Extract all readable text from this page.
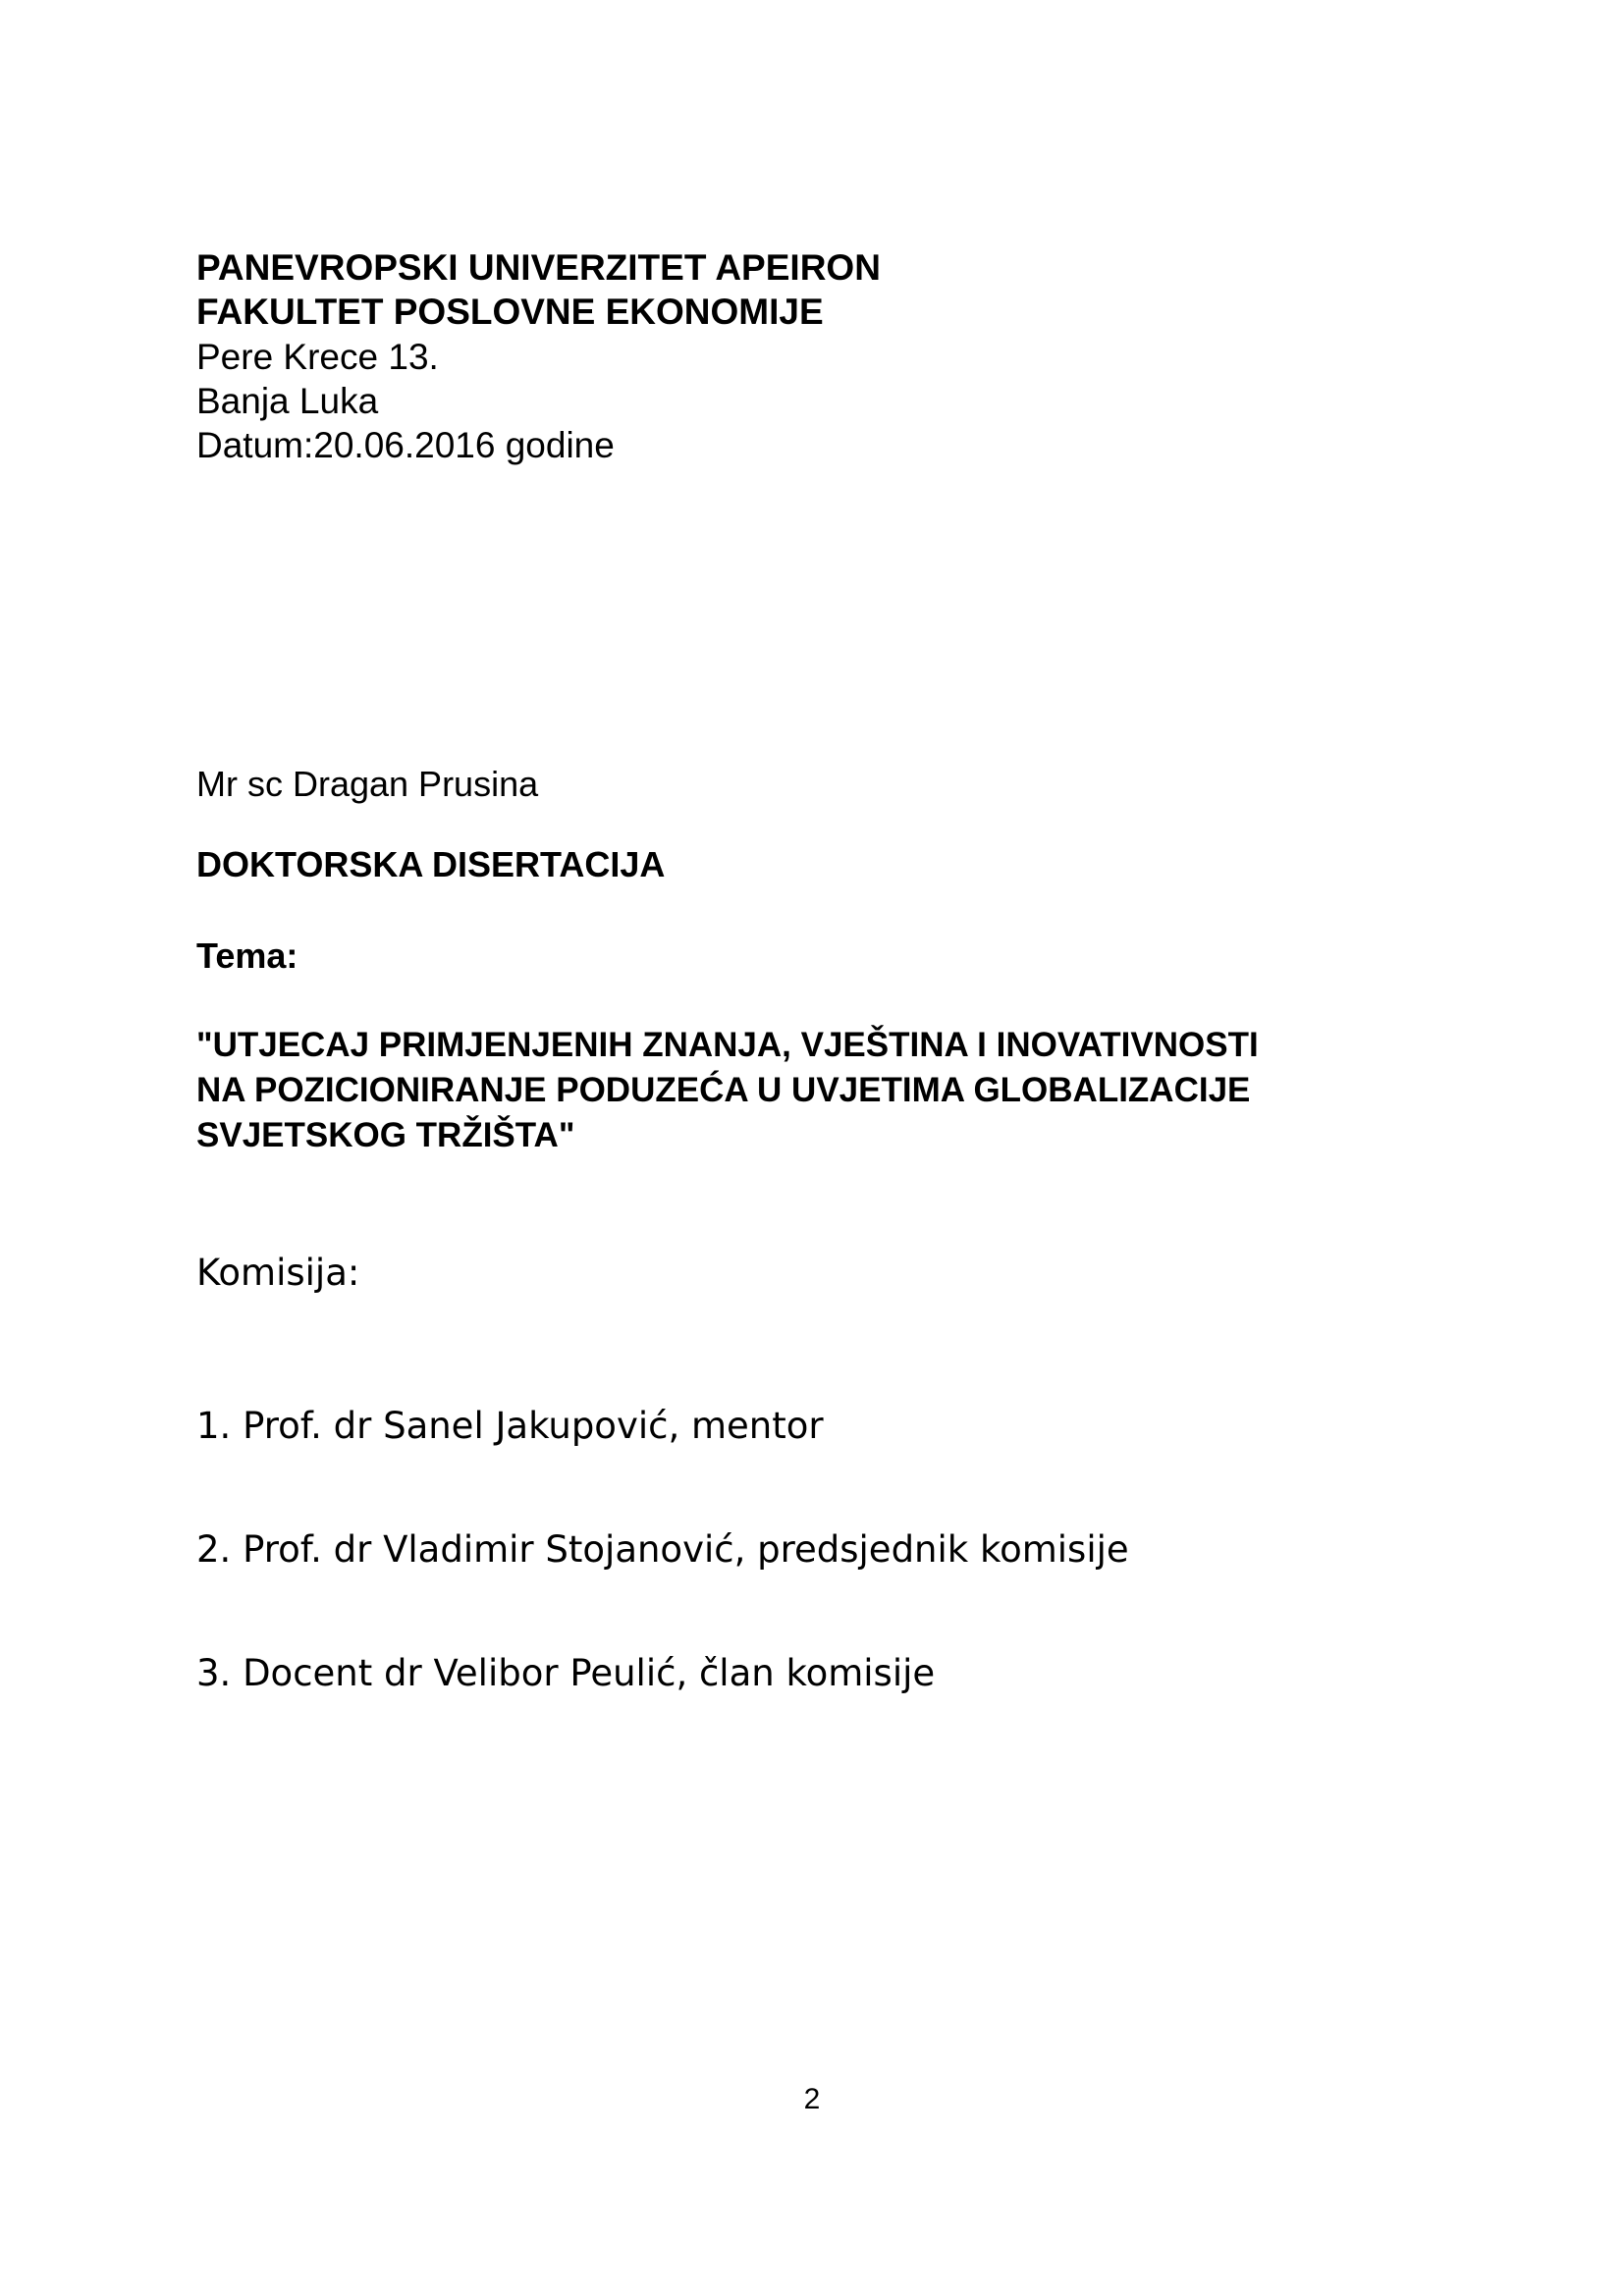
PANEVROPSKI UNIVERZITET APEIRON
FAKULTET POSLOVNE EKONOMIJE
Pere Krece 13.
Banja Luka
Datum:20.06.2016 godine
Mr sc Dragan Prusina
DOKTORSKA DISERTACIJA
Tema:
"UTJECAJ PRIMJENJENIH ZNANJA, VJEŠTINA I INOVATIVNOSTI
NA POZICIONIRANJE PODUZEĆA U UVJETIMA GLOBALIZACIJE
SVJETSKOG TRŽIŠTA"
Komisija:
1. Prof. dr Sanel Jakupović, mentor
2. Prof. dr Vladimir Stojanović, predsjednik komisije
3. Docent dr Velibor Peulić, član komisije
2
